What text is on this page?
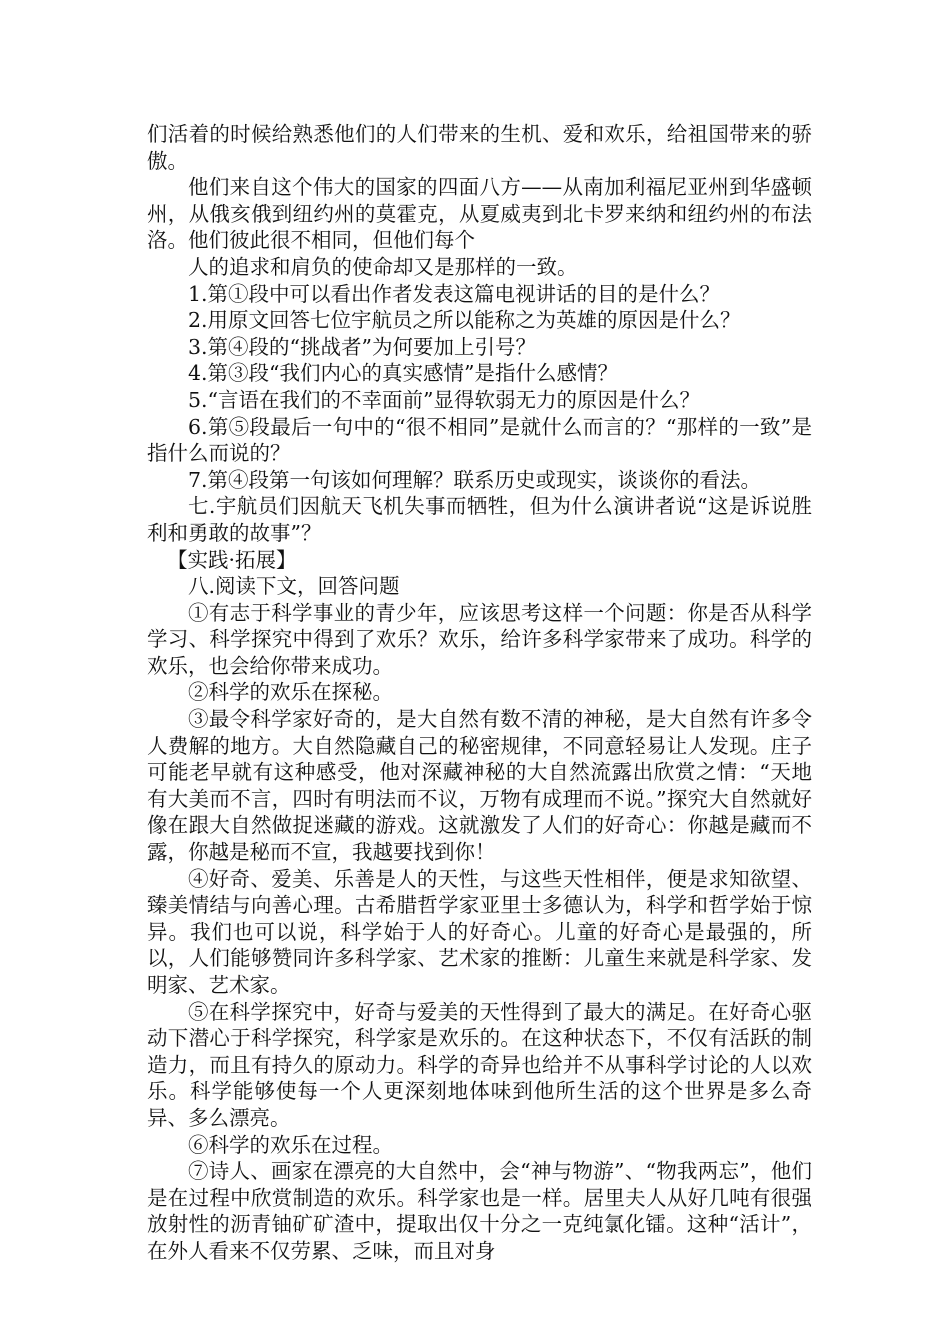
们活着的时候给熟悉他们的人们带来的生机、爱和欢乐，给祖国带来的骄傲。

他们来自这个伟大的国家的四面八方——从南加利福尼亚州到华盛顿州，从俄亥俄到纽约州的莫霍克，从夏威夷到北卡罗来纳和纽约州的布法洛。他们彼此很不相同，但他们每个

人的追求和肩负的使命却又是那样的一致。

1.第①段中可以看出作者发表这篇电视讲话的目的是什么？

2.用原文回答七位宇航员之所以能称之为英雄的原因是什么？

3.第④段的“挑战者”为何要加上引号？

4.第③段“我们内心的真实感情”是指什么感情？

5.“言语在我们的不幸面前”显得软弱无力的原因是什么？

6.第⑤段最后一句中的“很不相同”是就什么而言的？“那样的一致”是指什么而说的？

7.第④段第一句该如何理解？联系历史或现实，谈谈你的看法。

七.宇航员们因航天飞机失事而牺牲，但为什么演讲者说“这是诉说胜利和勇敢的故事”？

【实践·拓展】

八.阅读下文，回答问题

①有志于科学事业的青少年，应该思考这样一个问题：你是否从科学学习、科学探究中得到了欢乐？欢乐，给许多科学家带来了成功。科学的欢乐，也会给你带来成功。

②科学的欢乐在探秘。

③最令科学家好奇的，是大自然有数不清的神秘，是大自然有许多令人费解的地方。大自然隐藏自己的秘密规律，不同意轻易让人发现。庄子可能老早就有这种感受，他对深藏神秘的大自然流露出欣赏之情：“天地有大美而不言，四时有明法而不议，万物有成理而不说。”探究大自然就好像在跟大自然做捉迷藏的游戏。这就激发了人们的好奇心：你越是藏而不露，你越是秘而不宣，我越要找到你！

④好奇、爱美、乐善是人的天性，与这些天性相伴，便是求知欲望、臻美情结与向善心理。古希腊哲学家亚里士多德认为，科学和哲学始于惊异。我们也可以说，科学始于人的好奇心。儿童的好奇心是最强的，所以，人们能够赞同许多科学家、艺术家的推断：儿童生来就是科学家、发明家、艺术家。

⑤在科学探究中，好奇与爱美的天性得到了最大的满足。在好奇心驱动下潜心于科学探究，科学家是欢乐的。在这种状态下，不仅有活跃的制造力，而且有持久的原动力。科学的奇异也给并不从事科学讨论的人以欢乐。科学能够使每一个人更深刻地体味到他所生活的这个世界是多么奇异、多么漂亮。

⑥科学的欢乐在过程。

⑦诗人、画家在漂亮的大自然中，会“神与物游”、“物我两忘”，他们是在过程中欣赏制造的欢乐。科学家也是一样。居里夫人从好几吨有很强放射性的沥青铀矿矿渣中，提取出仅十分之一克纯氯化镭。这种“活计”，在外人看来不仅劳累、乏味，而且对身
